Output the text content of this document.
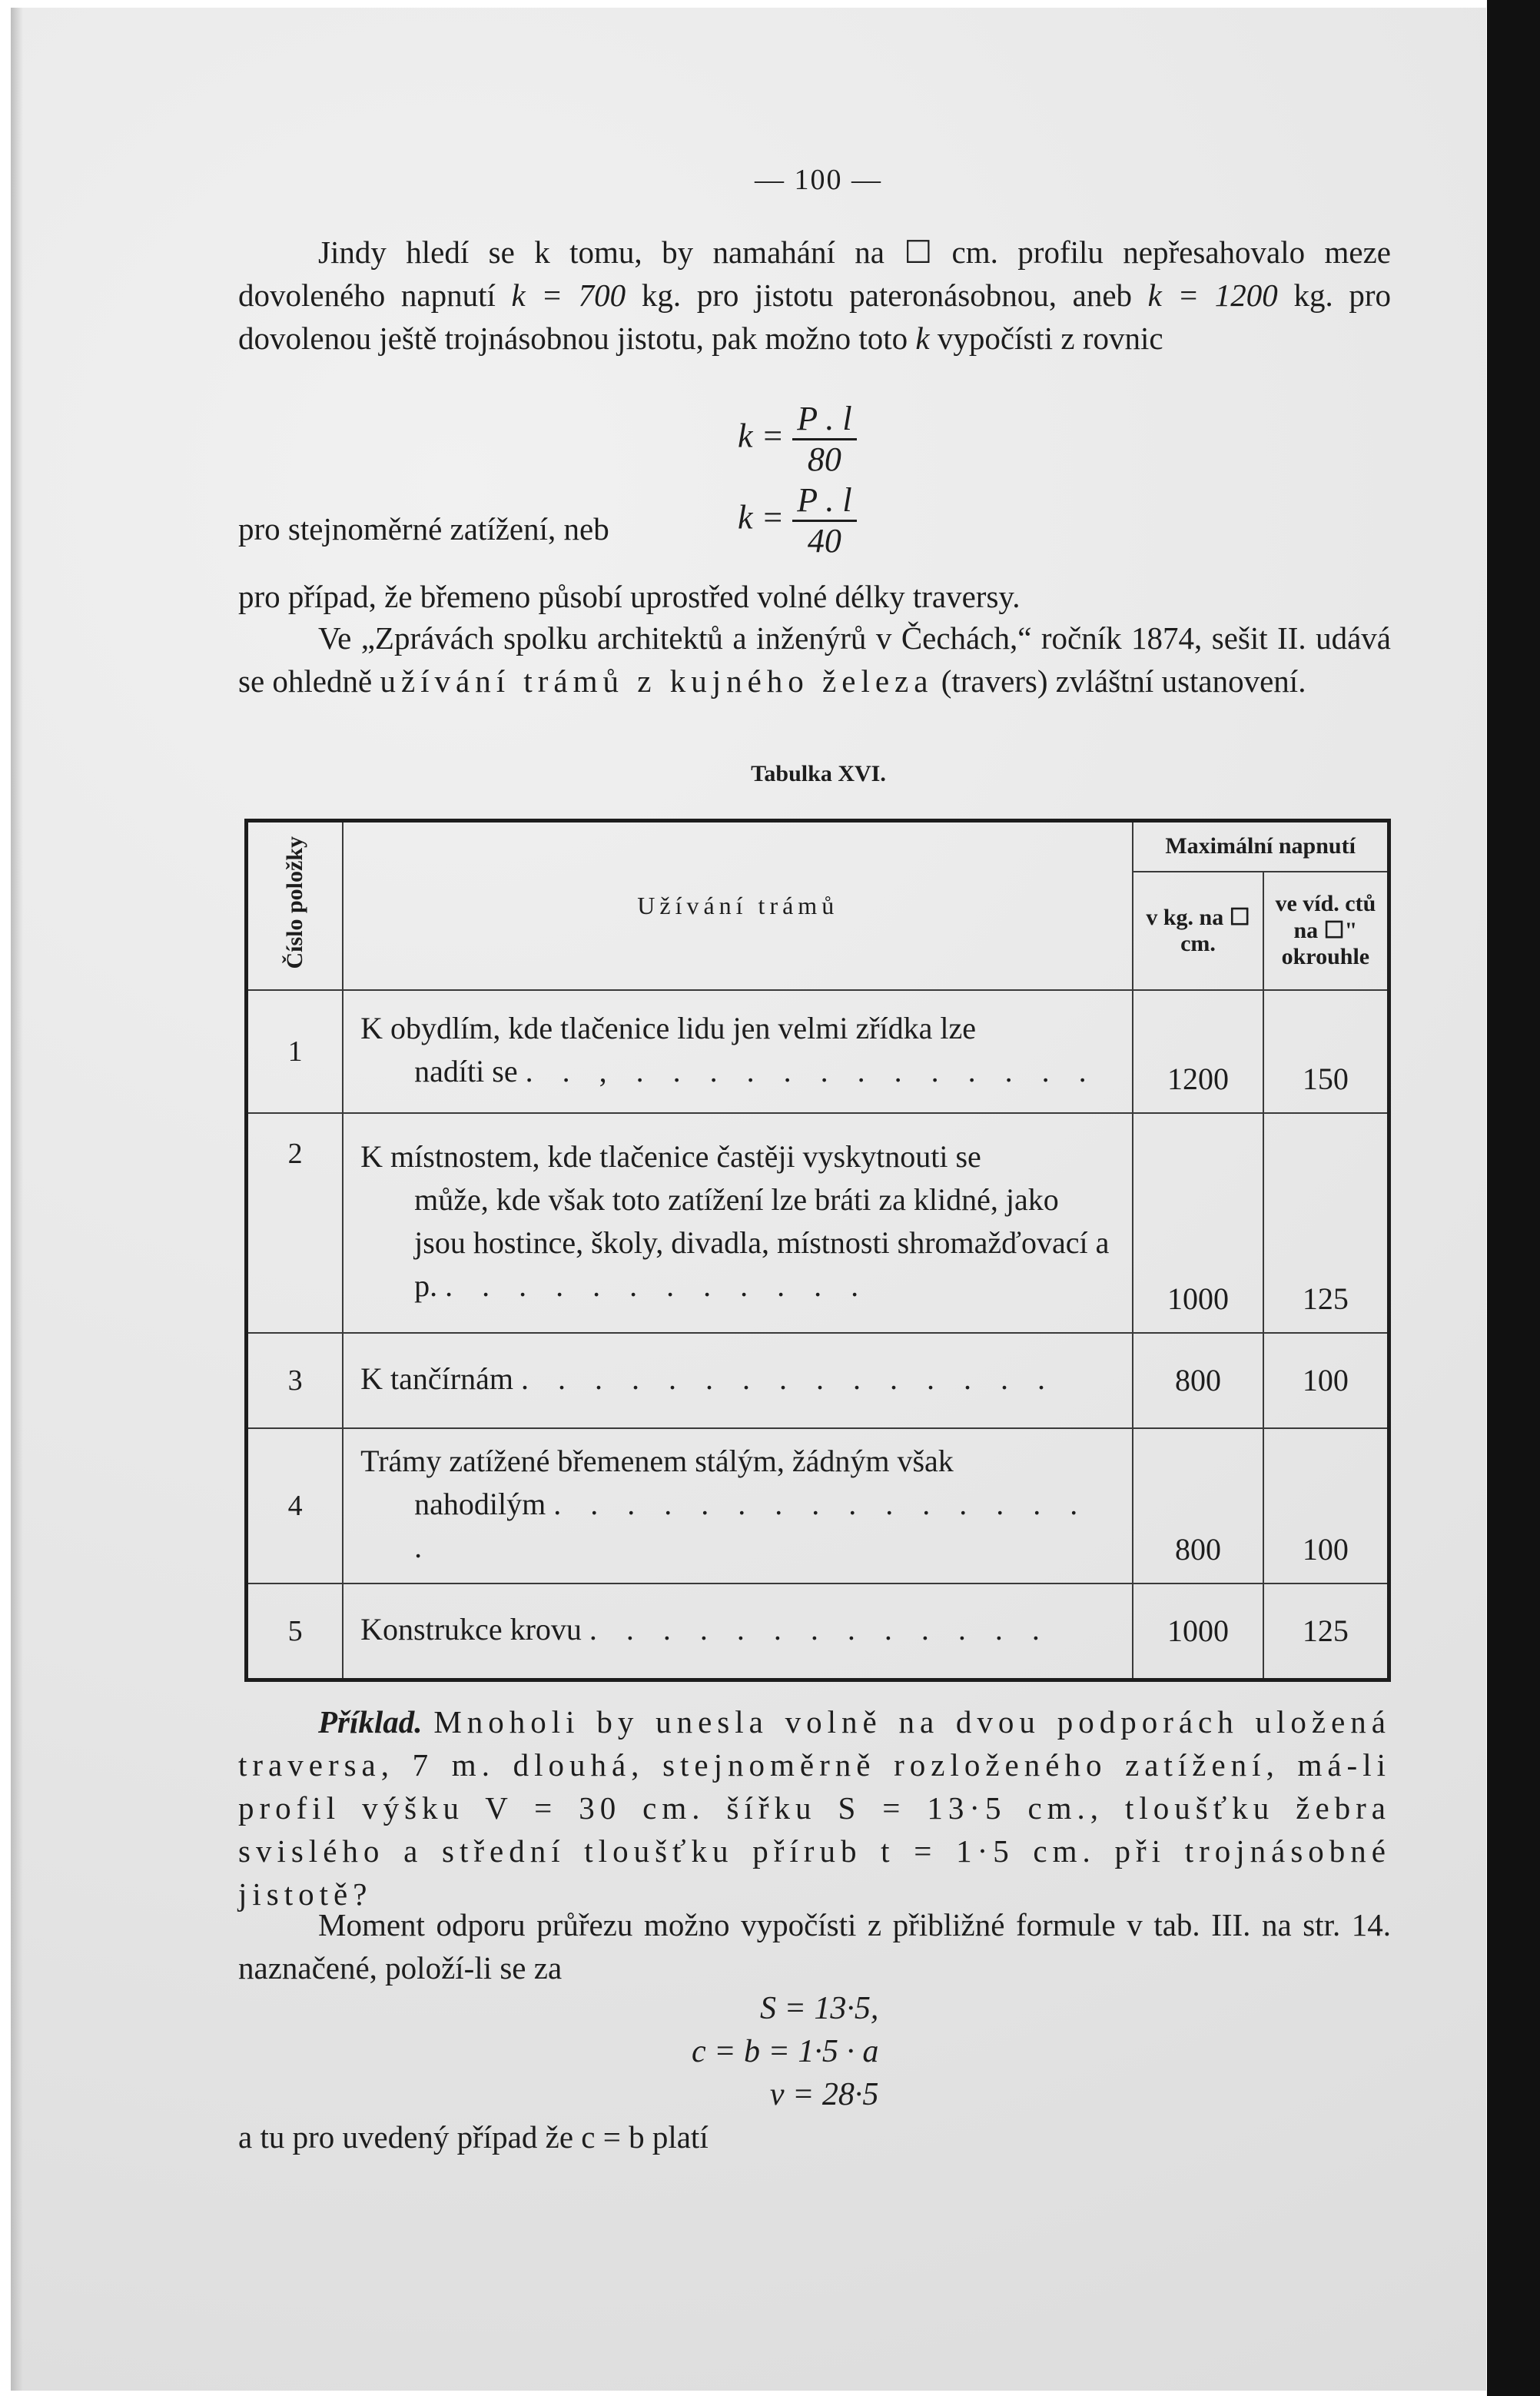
— 100 —
Jindy hledí se k tomu, by namahání na ☐ cm. profilu nepřesahovalo meze dovoleného napnutí k = 700 kg. pro jistotu pateronásobnou, aneb k = 1200 kg. pro dovolenou ještě trojnásobnou jistotu, pak možno toto k vypočísti z rovnic
$k = \frac{P . l}{80}$
pro stejnoměrné zatížení, neb	$k = \frac{P . l}{40}$
pro případ, že břemeno působí uprostřed volné délky traversy.
Ve „Zprávách spolku architektů a inženýrů v Čechách,“ ročník 1874, sešit II. udává se ohledně užívání trámů z kujného železa (travers) zvláštní ustanovení.
Tabulka XVI.
Číslo položky	Užívání trámů	Maximální napnutí	
		v kg. na ☐ cm.	ve víd. ctů na ☐" okrouhle
1	K obydlím, kde tlačenice lidu jen velmi zřídka lze
nadíti se . . , . . . . . . . . . . . . .	1200	150
2	K místnostem, kde tlačenice častěji vyskytnouti se
může, kde však toto zatížení lze bráti za klidné, jako jsou hostince, školy, divadla, místnosti shromažďovací a p. . . . . . . . . . . . .	1000	125
3	K tančírnám . . . . . . . . . . . . . . .	800	100
4	Trámy zatížené břemenem stálým, žádným však
nahodilým . . . . . . . . . . . . . . . .	800	100
5	Konstrukce krovu . . . . . . . . . . . . .	1000	125
Příklad. Mnoholi by unesla volně na dvou podporách uložená traversa, 7 m. dlouhá, stejnoměrně rozloženého zatížení, má-li profil výšku V = 30 cm. šířku S = 13·5 cm., tloušťku žebra svislého a střední tloušťku přírub t = 1·5 cm. při trojnásobné jistotě?
Moment odporu průřezu možno vypočísti z přibližné formule v tab. III. na str. 14. naznačené, položí-li se za
S = 13·5,
c = b = 1·5 · a
v = 28·5
a tu pro uvedený případ že c = b platí
